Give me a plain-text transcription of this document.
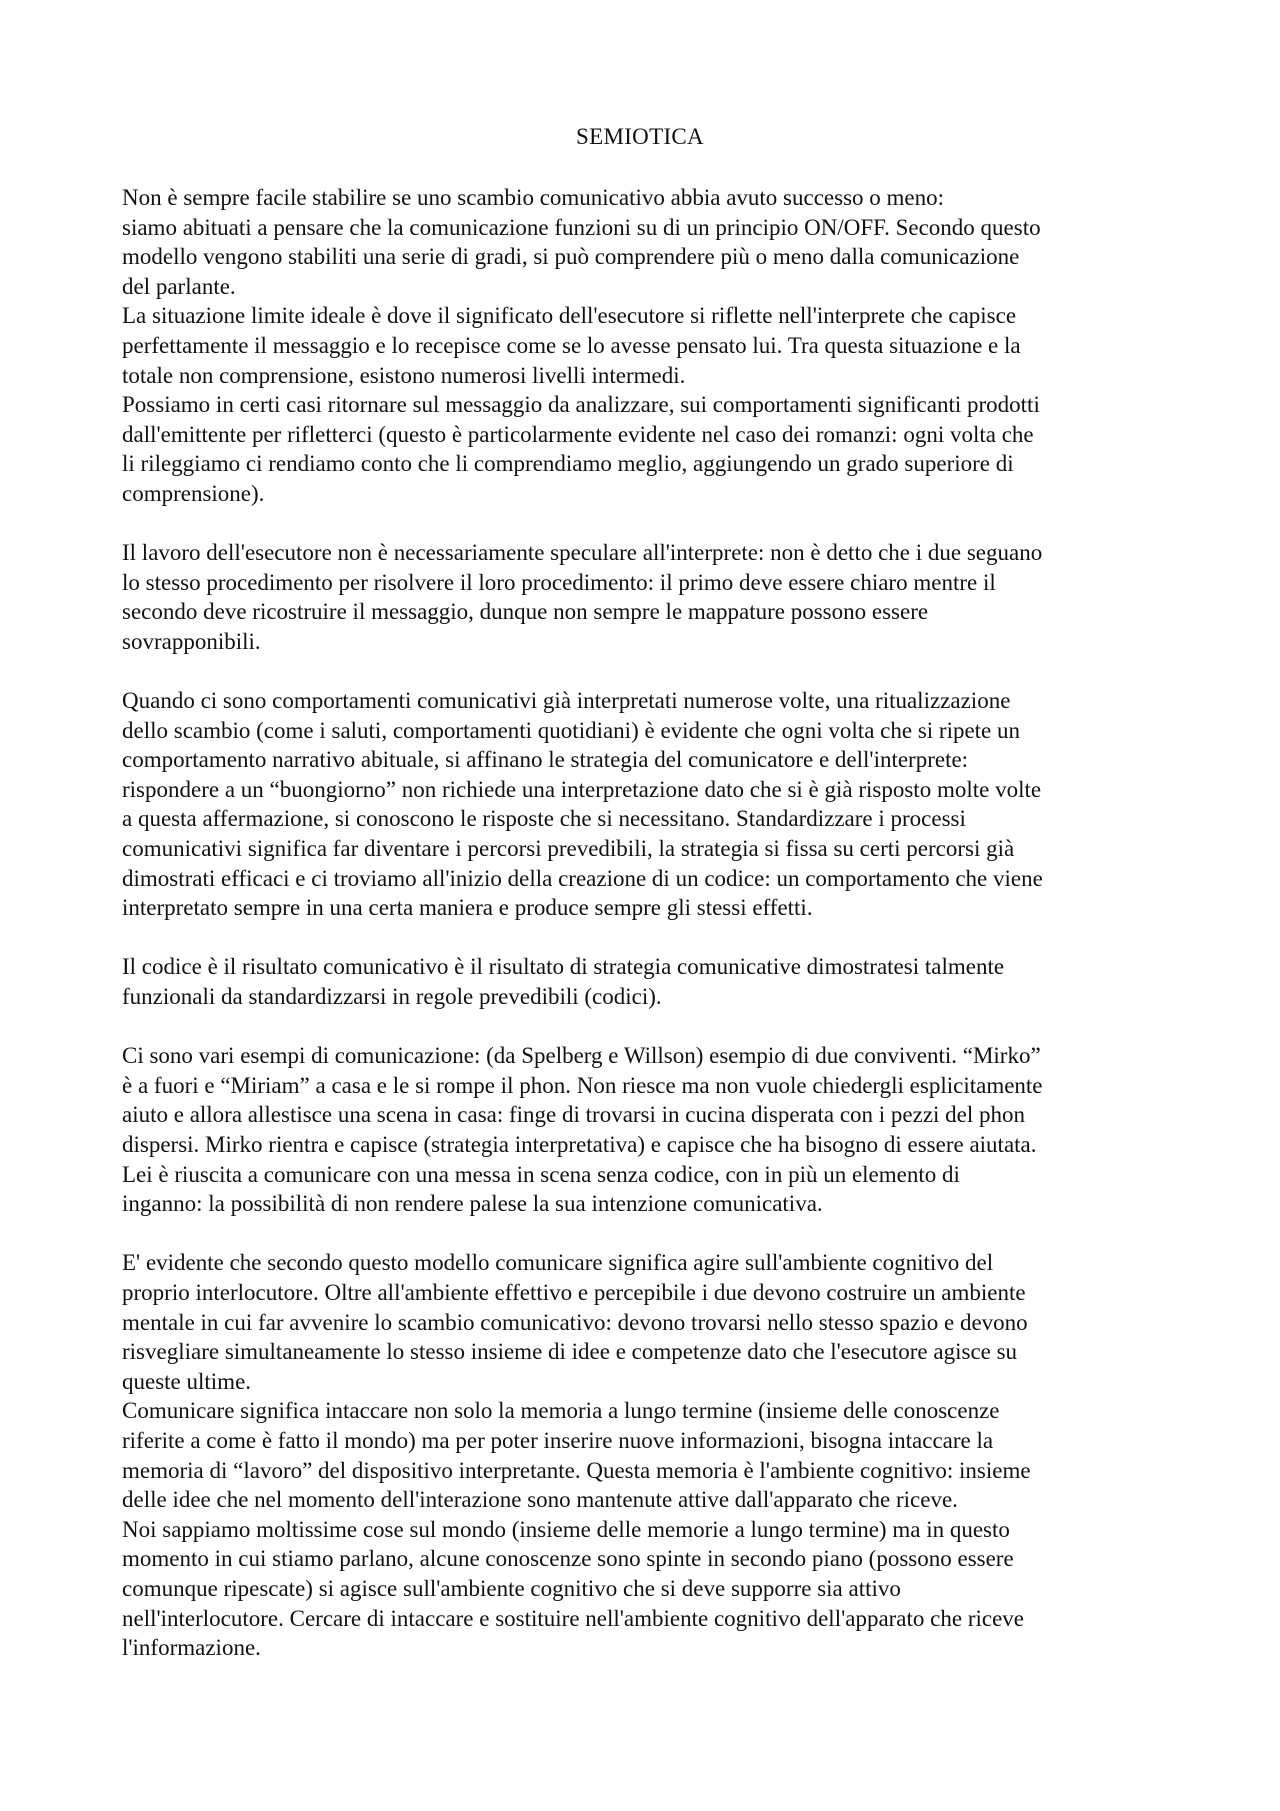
SEMIOTICA

Non è sempre facile stabilire se uno scambio comunicativo abbia avuto successo o meno:
siamo abituati a pensare che la comunicazione funzioni su di un principio ON/OFF. Secondo questo
modello vengono stabiliti una serie di gradi, si può comprendere più o meno dalla comunicazione
del parlante.
La situazione limite ideale è dove il significato dell'esecutore si riflette nell'interprete che capisce
perfettamente il messaggio e lo recepisce come se lo avesse pensato lui. Tra questa situazione e la
totale non comprensione, esistono numerosi livelli intermedi.
Possiamo in certi casi ritornare sul messaggio da analizzare, sui comportamenti significanti prodotti
dall'emittente per rifletterci (questo è particolarmente evidente nel caso dei romanzi: ogni volta che
li rileggiamo ci rendiamo conto che li comprendiamo meglio, aggiungendo un grado superiore di
comprensione).

Il lavoro dell'esecutore non è necessariamente speculare all'interprete: non è detto che i due seguano
lo stesso procedimento per risolvere il loro procedimento: il primo deve essere chiaro mentre il
secondo deve ricostruire il messaggio, dunque non sempre le mappature possono essere
sovrapponibili.

Quando ci sono comportamenti comunicativi già interpretati numerose volte, una ritualizzazione
dello scambio (come i saluti, comportamenti quotidiani) è evidente che ogni volta che si ripete un
comportamento narrativo abituale, si affinano le strategia del comunicatore e dell'interprete:
rispondere a un “buongiorno” non richiede una interpretazione dato che si è già risposto molte volte
a questa affermazione, si conoscono le risposte che si necessitano. Standardizzare i processi
comunicativi significa far diventare i percorsi prevedibili, la strategia si fissa su certi percorsi già
dimostrati efficaci e ci troviamo all'inizio della creazione di un codice: un comportamento che viene
interpretato sempre in una certa maniera e produce sempre gli stessi effetti.

Il codice è il risultato comunicativo è il risultato di strategia comunicative dimostratesi talmente
funzionali da standardizzarsi in regole prevedibili (codici).

Ci sono vari esempi di comunicazione: (da Spelberg e Willson) esempio di due conviventi. “Mirko”
è a fuori e “Miriam” a casa e le si rompe il phon. Non riesce ma non vuole chiedergli esplicitamente
aiuto e allora allestisce una scena in casa: finge di trovarsi in cucina disperata con i pezzi del phon
dispersi. Mirko rientra e capisce (strategia interpretativa) e capisce che ha bisogno di essere aiutata.
Lei è riuscita a comunicare con una messa in scena senza codice, con in più un elemento di
inganno: la possibilità di non rendere palese la sua intenzione comunicativa.

E' evidente che secondo questo modello comunicare significa agire sull'ambiente cognitivo del
proprio interlocutore. Oltre all'ambiente effettivo e percepibile i due devono costruire un ambiente
mentale in cui far avvenire lo scambio comunicativo: devono trovarsi nello stesso spazio e devono
risvegliare simultaneamente lo stesso insieme di idee e competenze dato che l'esecutore agisce su
queste ultime.
Comunicare significa intaccare non solo la memoria a lungo termine (insieme delle conoscenze
riferite a come è fatto il mondo) ma per poter inserire nuove informazioni, bisogna intaccare la
memoria di “lavoro” del dispositivo interpretante. Questa memoria è l'ambiente cognitivo: insieme
delle idee che nel momento dell'interazione sono mantenute attive dall'apparato che riceve.
Noi sappiamo moltissime cose sul mondo (insieme delle memorie a lungo termine) ma in questo
momento in cui stiamo parlano, alcune conoscenze sono spinte in secondo piano (possono essere
comunque ripescate) si agisce sull'ambiente cognitivo che si deve supporre sia attivo
nell'interlocutore. Cercare di intaccare e sostituire nell'ambiente cognitivo dell'apparato che riceve
l'informazione.
